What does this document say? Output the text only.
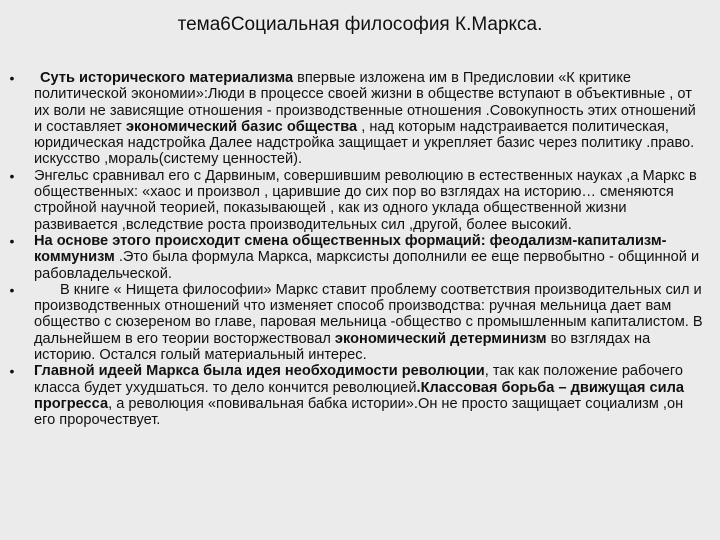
тема6Социальная философия К.Маркса.
• Суть исторического материализма впервые изложена им в Предисловии «К критике политической экономии»:Люди в процессе своей жизни в обществе вступают в объективные , от их воли не зависящие отношения - производственные отношения .Совокупность этих отношений и составляет экономический базис общества , над которым надстраивается политическая, юридическая надстройка Далее надстройка защищает и укрепляет базис через политику .право. искусство ,мораль(систему ценностей).
• Энгельс сравнивал его с Дарвиным, совершившим революцию в естественных науках ,а Маркс в общественных: «хаос и произвол , царившие до сих пор во взглядах на историю… сменяются стройной научной теорией, показывающей , как из одного уклада общественной жизни развивается ,вследствие роста производительных сил ,другой, более высокий.
• На основе этого происходит смена общественных формаций: феодализм-капитализм- коммунизм .Это была формула Маркса, марксисты дополнили ее еще первобытно - общинной и рабовладельческой.
•	В книге « Нищета философии» Маркс ставит проблему соответствия производительных сил и производственных отношений что изменяет способ производства: ручная мельница дает вам общество с сюзереном во главе, паровая мельница -общество с промышленным капиталистом. В дальнейшем в его теории восторжествовал экономический детерминизм во взглядах на историю. Остался голый материальный интерес.
• Главной идеей Маркса была идея необходимости революции, так как положение рабочего класса будет ухудшаться. то дело кончится революцией.Классовая борьба – движущая сила прогресса, а революция «повивальная бабка истории».Он не просто защищает социализм ,он его пророчествует.
